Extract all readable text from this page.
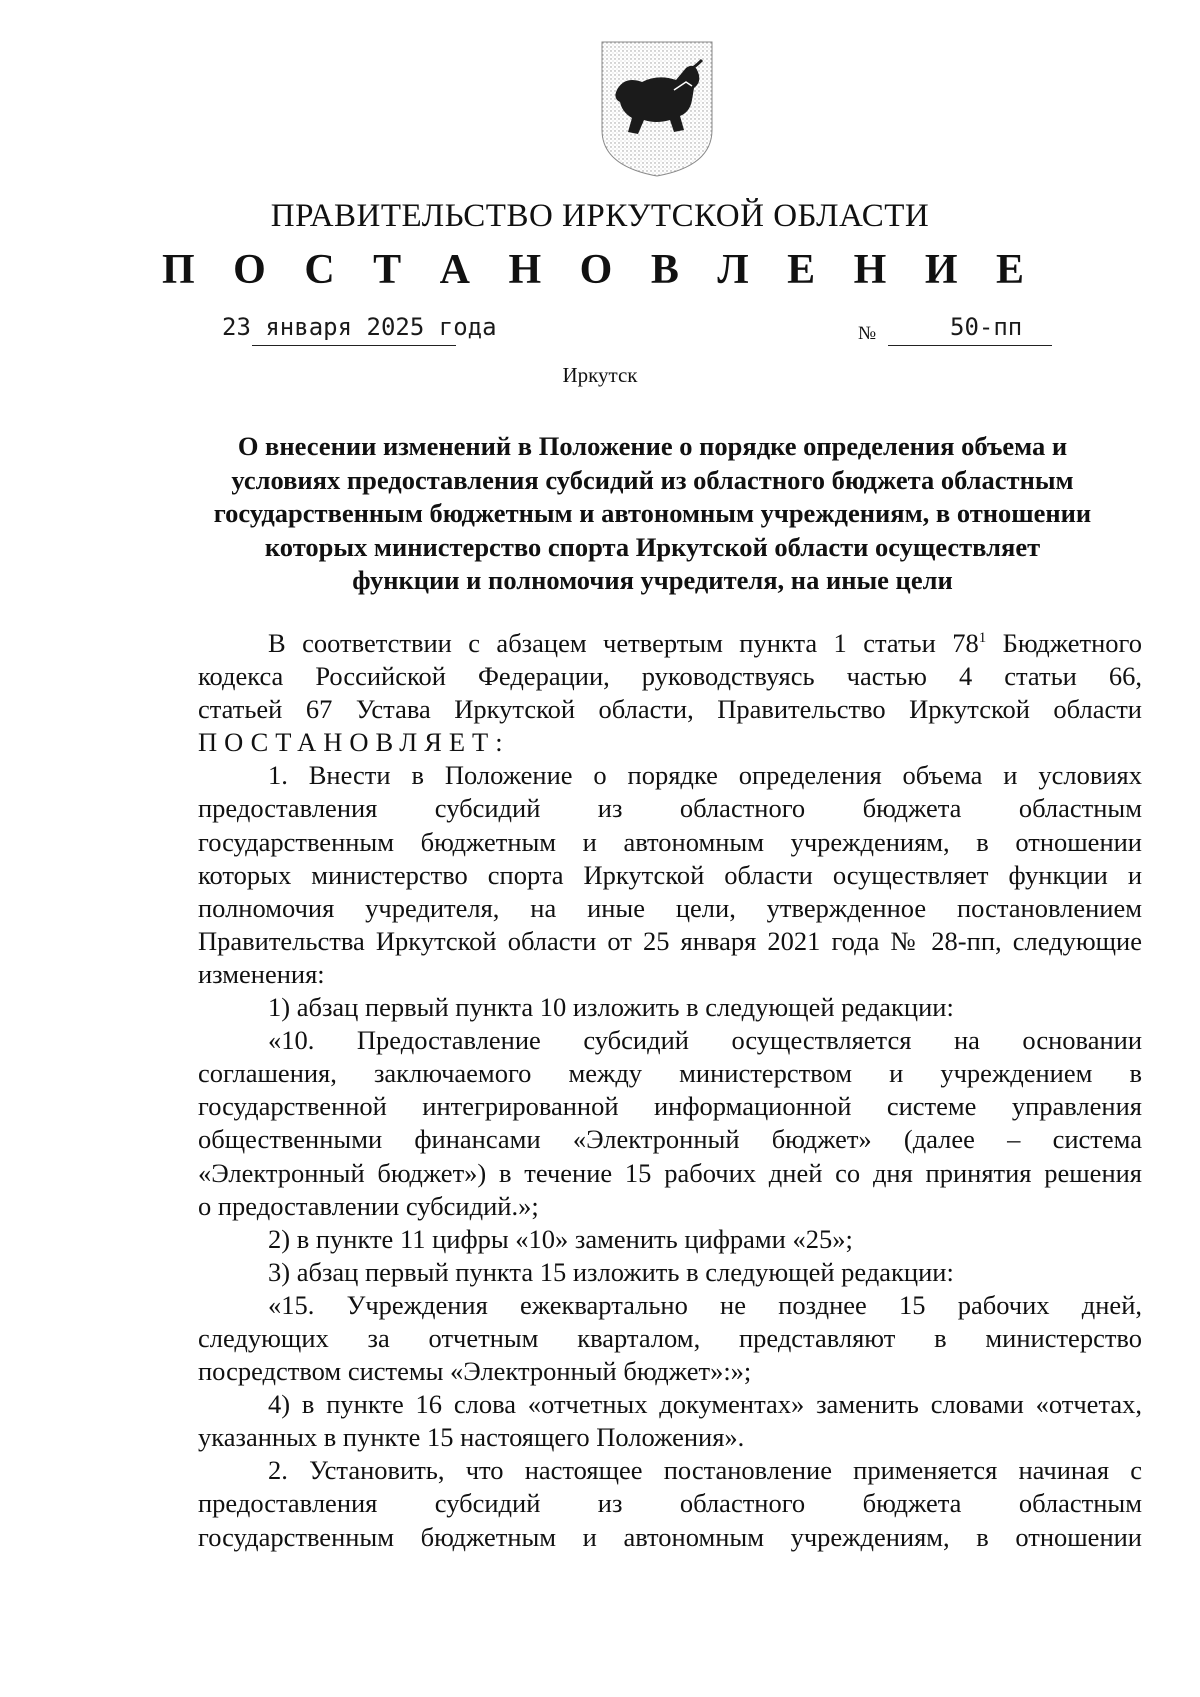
ПРАВИТЕЛЬСТВО ИРКУТСКОЙ ОБЛАСТИ
П О С Т А Н О В Л Е Н И Е
23 января 2025 года	№	50-пп
Иркутск
О внесении изменений в Положение о порядке определения объема и
условиях предоставления субсидий из областного бюджета областным
государственным бюджетным и автономным учреждениям, в отношении
которых министерство спорта Иркутской области осуществляет
функции и полномочия учредителя, на иные цели
В соответствии с абзацем четвертым пункта 1 статьи $78^1$ Бюджетного
кодекса Российской Федерации, руководствуясь частью 4 статьи 66,
статьей 67 Устава Иркутской области, Правительство Иркутской области
ПОСТАНОВЛЯЕТ:
1. Внести в Положение о порядке определения объема и условиях
предоставления субсидий из областного бюджета областным
государственным бюджетным и автономным учреждениям, в отношении
которых министерство спорта Иркутской области осуществляет функции и
полномочия учредителя, на иные цели, утвержденное постановлением
Правительства Иркутской области от 25 января 2021 года № 28-пп, следующие
изменения:
1) абзац первый пункта 10 изложить в следующей редакции:
«10. Предоставление субсидий осуществляется на основании
соглашения, заключаемого между министерством и учреждением в
государственной интегрированной информационной системе управления
общественными финансами «Электронный бюджет» (далее – система
«Электронный бюджет») в течение 15 рабочих дней со дня принятия решения
о предоставлении субсидий.»;
2) в пункте 11 цифры «10» заменить цифрами «25»;
3) абзац первый пункта 15 изложить в следующей редакции:
«15. Учреждения ежеквартально не позднее 15 рабочих дней,
следующих за отчетным кварталом, представляют в министерство
посредством системы «Электронный бюджет»:»;
4) в пункте 16 слова «отчетных документах» заменить словами «отчетах,
указанных в пункте 15 настоящего Положения».
2. Установить, что настоящее постановление применяется начиная с
предоставления субсидий из областного бюджета областным
государственным бюджетным и автономным учреждениям, в отношении
